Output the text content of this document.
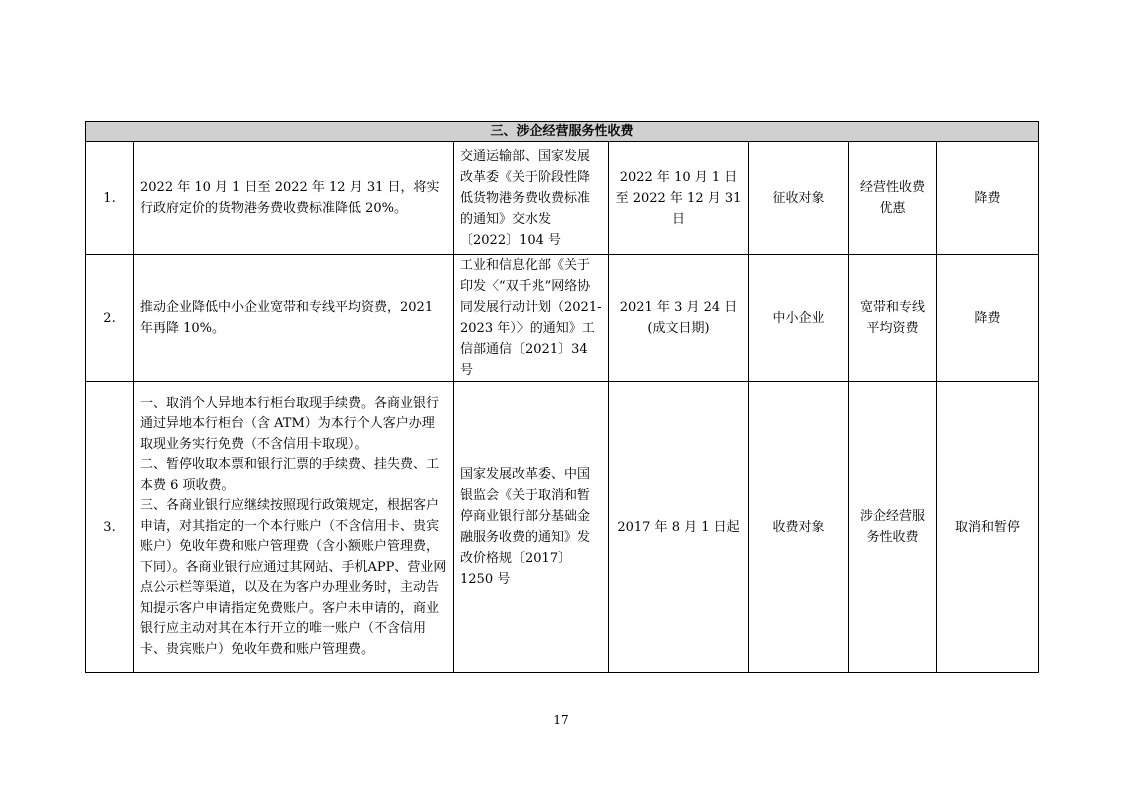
三、涉企经营服务性收费						
1.	2022 年 10 月 1 日至 2022 年 12 月 31 日，将实行政府定价的货物港务费收费标准降低 20%。	交通运输部、国家发展改革委《关于阶段性降低货物港务费收费标准的通知》交水发〔2022〕104 号	2022 年 10 月 1 日至 2022 年 12 月 31 日	征收对象	经营性收费优惠	降费
2.	推动企业降低中小企业宽带和专线平均资费，2021 年再降 10%。	工业和信息化部《关于印发〈“双千兆”网络协同发展行动计划（2021-2023 年）〉的通知》工信部通信〔2021〕34 号	2021 年 3 月 24 日(成文日期)	中小企业	宽带和专线平均资费	降费
3.	一、取消个人异地本行柜台取现手续费。各商业银行通过异地本行柜台（含 ATM）为本行个人客户办理取现业务实行免费（不含信用卡取现）。
二、暂停收取本票和银行汇票的手续费、挂失费、工本费 6 项收费。
三、各商业银行应继续按照现行政策规定，根据客户申请，对其指定的一个本行账户（不含信用卡、贵宾账户）免收年费和账户管理费（含小额账户管理费，下同）。各商业银行应通过其网站、手机APP、营业网点公示栏等渠道，以及在为客户办理业务时，主动告知提示客户申请指定免费账户。客户未申请的，商业银行应主动对其在本行开立的唯一账户（不含信用卡、贵宾账户）免收年费和账户管理费。	国家发展改革委、中国银监会《关于取消和暂停商业银行部分基础金融服务收费的通知》发改价格规〔2017〕1250 号	2017 年 8 月 1 日起	收费对象	涉企经营服务性收费	取消和暂停
17
